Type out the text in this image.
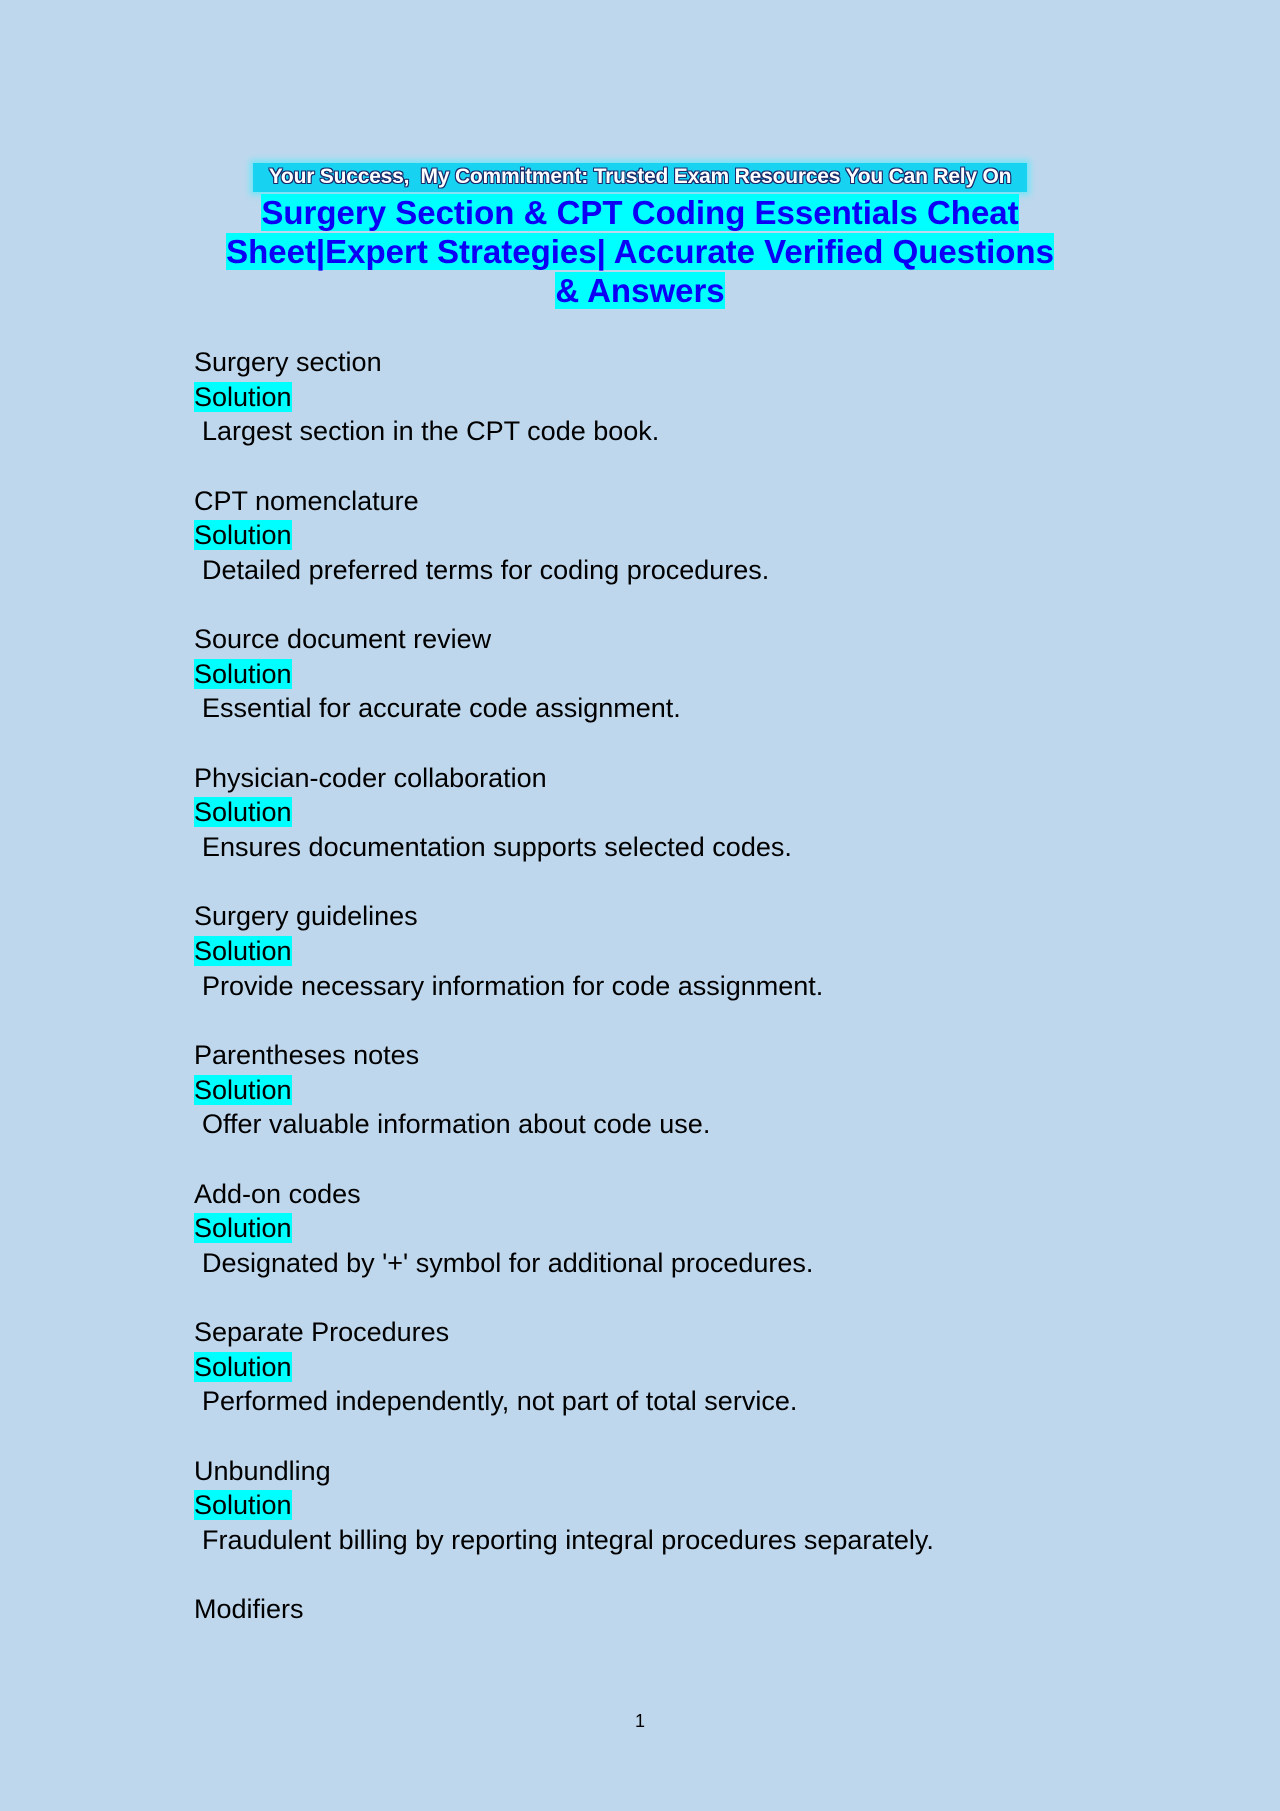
Your Success,  My Commitment: Trusted Exam Resources You Can Rely On
Surgery Section & CPT Coding Essentials Cheat
Sheet|Expert Strategies| Accurate Verified Questions
& Answers
Surgery section
Solution
Largest section in the CPT code book.
CPT nomenclature
Solution
Detailed preferred terms for coding procedures.
Source document review
Solution
Essential for accurate code assignment.
Physician-coder collaboration
Solution
Ensures documentation supports selected codes.
Surgery guidelines
Solution
Provide necessary information for code assignment.
Parentheses notes
Solution
Offer valuable information about code use.
Add-on codes
Solution
Designated by '+' symbol for additional procedures.
Separate Procedures
Solution
Performed independently, not part of total service.
Unbundling
Solution
Fraudulent billing by reporting integral procedures separately.
Modifiers
1
